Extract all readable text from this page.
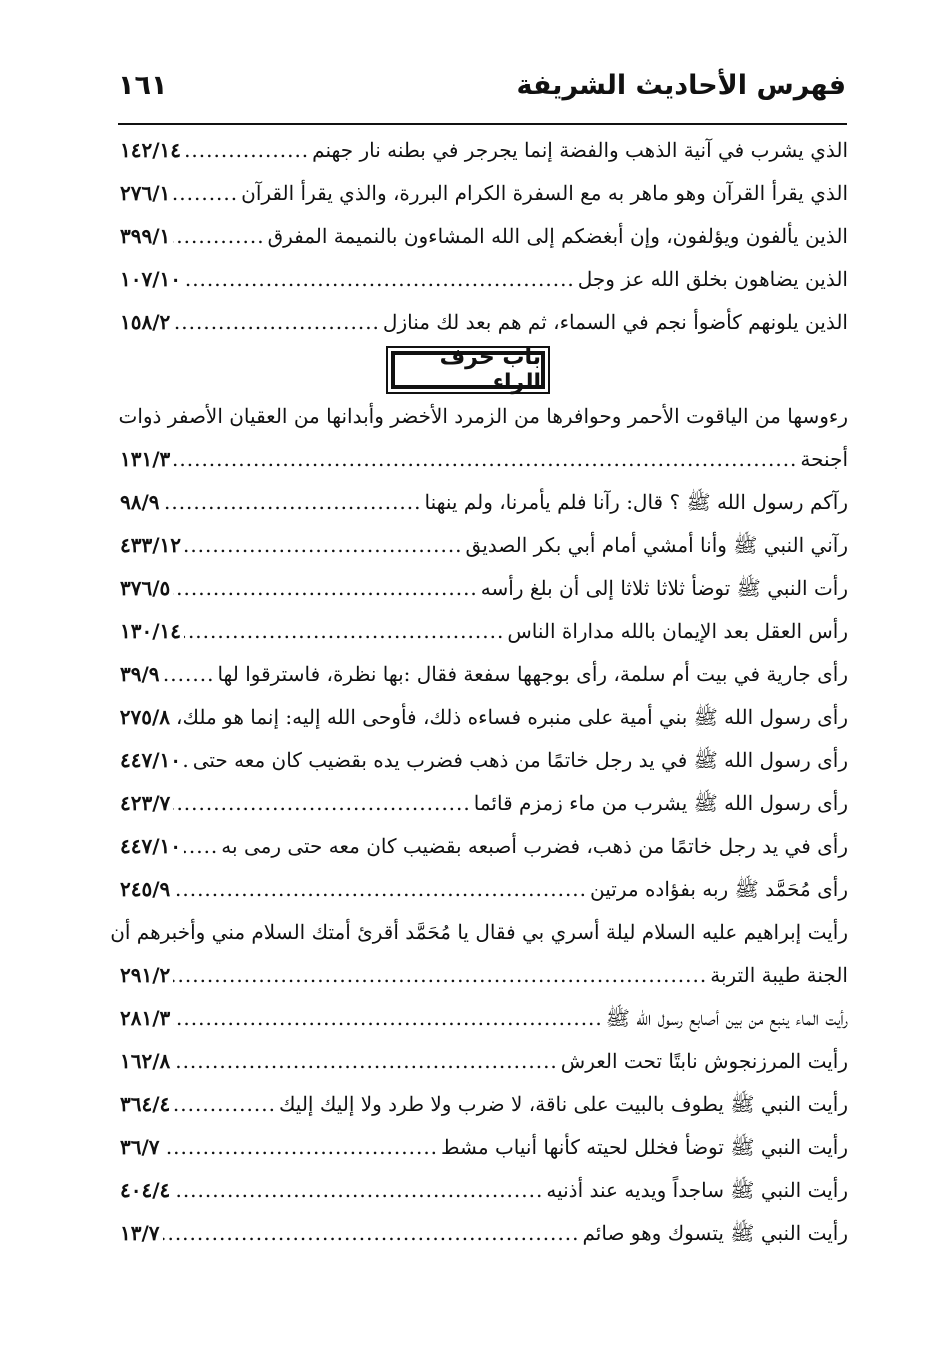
فهرس الأحاديث الشريفة
١٦١
الذي يشرب في آنية الذهب والفضة إنما يجرجر في بطنه نار جهنم
.....
١٤٢/١٤
الذي يقرأ القرآن وهو ماهر به مع السفرة الكرام البررة، والذي يقرأ القرآن
.....
٢٧٦/١
الذين يألفون ويؤلفون، وإن أبغضكم إلى الله المشاءون بالنميمة المفرق
.....
٣٩٩/١
الذين يضاهون بخلق الله عز وجل
.....
١٠٧/١٠
الذين يلونهم كأضوأ نجم في السماء، ثم هم بعد لك منازل
.....
١٥٨/٢
باب حرف الراء
رءوسها من الياقوت الأحمر وحوافرها من الزمرد الأخضر وأبدانها من العقيان الأصفر ذوات
أجنحة
.....
١٣١/٣
رآكم رسول الله ﷺ ؟ قال: رآنا فلم يأمرنا، ولم ينهنا
.....
٩٨/٩
رآني النبي ﷺ وأنا أمشي أمام أبي بكر الصديق
.....
٤٣٣/١٢
رأت النبي ﷺ توضأ ثلاثا ثلاثا إلى أن بلغ رأسه
.....
٣٧٦/٥
رأس العقل بعد الإيمان بالله مداراة الناس
.....
١٣٠/١٤
رأى جارية في بيت أم سلمة، رأى بوجهها سفعة فقال :بها نظرة، فاسترقوا لها
.....
٣٩/٩
رأى رسول الله ﷺ بني أمية على منبره فساءه ذلك، فأوحى الله إليه: إنما هو ملك،
٢٧٥/٨
رأى رسول الله ﷺ في يد رجل خاتمًا من ذهب فضرب يده بقضيب كان معه حتى
.....
٤٤٧/١٠
رأى رسول الله ﷺ يشرب من ماء زمزم قائما
.....
٤٢٣/٧
رأى في يد رجل خاتمًا من ذهب، فضرب أصبعه بقضيب كان معه حتى رمى به
.....
٤٤٧/١٠
رأى مُحَمَّد ﷺ ربه بفؤاده مرتين
.....
٢٤٥/٩
رأيت إبراهيم عليه السلام ليلة أسري بي فقال يا مُحَمَّد أقرئ أمتك السلام مني وأخبرهم أن
الجنة طيبة التربة
.....
٢٩١/٢
رأيت الماء ينبع من بين أصابع رسول الله ﷺ
.....
٢٨١/٣
رأيت المرزنجوش نابتًا تحت العرش
.....
١٦٢/٨
رأيت النبي ﷺ يطوف بالبيت على ناقة، لا ضرب ولا طرد ولا إليك إليك
.....
٣٦٤/٤
رأيت النبي ﷺ توضأ فخلل لحيته كأنها أنياب مشط
.....
٣٦/٧
رأيت النبي ﷺ ساجداً ويديه عند أذنيه
.....
٤٠٤/٤
رأيت النبي ﷺ يتسوك وهو صائم
.....
١٣/٧
